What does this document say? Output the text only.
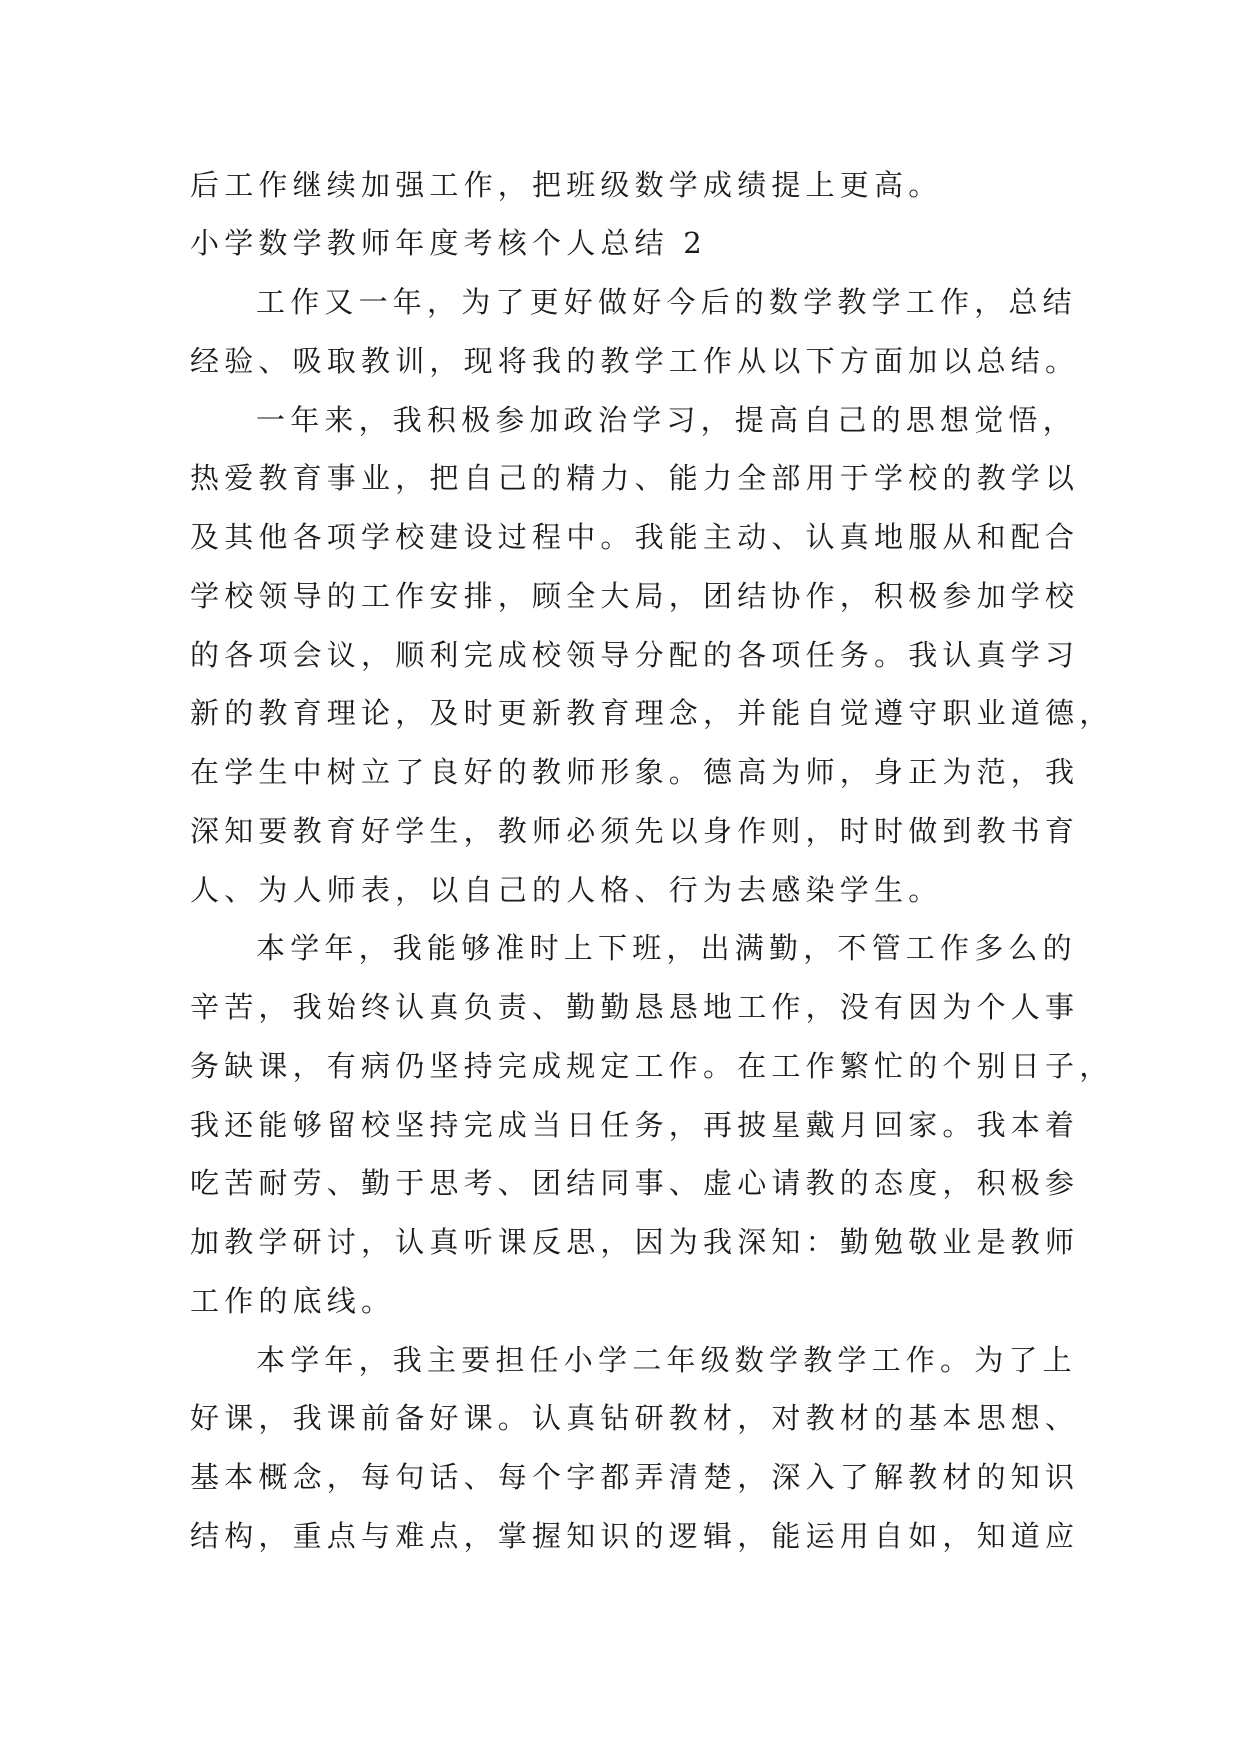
后工作继续加强工作，把班级数学成绩提上更高。

小学数学教师年度考核个人总结 2

工作又一年，为了更好做好今后的数学教学工作，总结

经验、吸取教训，现将我的教学工作从以下方面加以总结。

一年来，我积极参加政治学习，提高自己的思想觉悟，

热爱教育事业，把自己的精力、能力全部用于学校的教学以

及其他各项学校建设过程中。我能主动、认真地服从和配合

学校领导的工作安排，顾全大局，团结协作，积极参加学校

的各项会议，顺利完成校领导分配的各项任务。我认真学习

新的教育理论，及时更新教育理念，并能自觉遵守职业道德，

在学生中树立了良好的教师形象。德高为师，身正为范，我

深知要教育好学生，教师必须先以身作则，时时做到教书育

人、为人师表，以自己的人格、行为去感染学生。

本学年，我能够准时上下班，出满勤，不管工作多么的

辛苦，我始终认真负责、勤勤恳恳地工作，没有因为个人事

务缺课，有病仍坚持完成规定工作。在工作繁忙的个别日子，

我还能够留校坚持完成当日任务，再披星戴月回家。我本着

吃苦耐劳、勤于思考、团结同事、虚心请教的态度，积极参

加教学研讨，认真听课反思，因为我深知：勤勉敬业是教师

工作的底线。

本学年，我主要担任小学二年级数学教学工作。为了上

好课，我课前备好课。认真钻研教材，对教材的基本思想、

基本概念，每句话、每个字都弄清楚，深入了解教材的知识

结构，重点与难点，掌握知识的逻辑，能运用自如，知道应
